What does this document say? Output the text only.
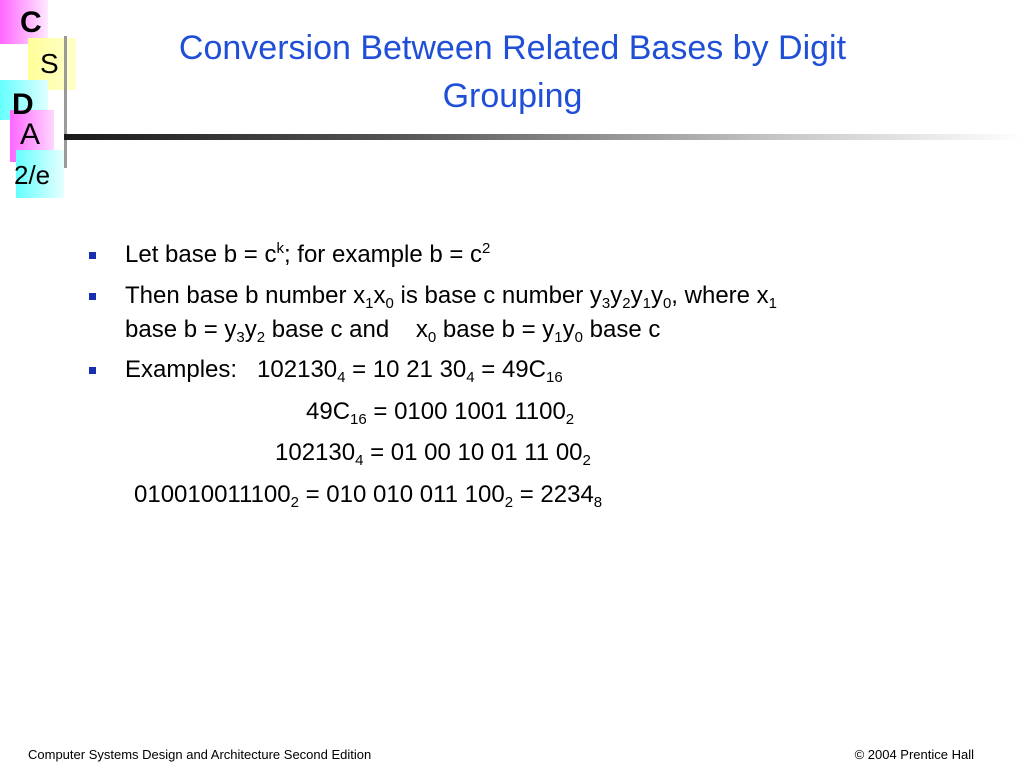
C
S
D
A
2/e
Conversion Between Related Bases by Digit
Grouping
Let base $b = c^k$; for example $b = c^2$
Then base b number $x_1x_0$ is base c number $y_3y_2y_1y_0$, where $x_1$
base $b = y_3y_2$ base c and    $x_0$ base $b = y_1y_0$ base c
Examples:   $102130_4 = 10$ 21 $30_4 = 49C_{16}$
$49C_{16} = 0100$ 1001 $1100_2$
$102130_4 = 01$ 00 10 01 11 $00_2$
$010010011100_2 = 010$ 010 011 $100_2 = 2234_8$
Computer Systems Design and Architecture Second Edition	© 2004 Prentice Hall
